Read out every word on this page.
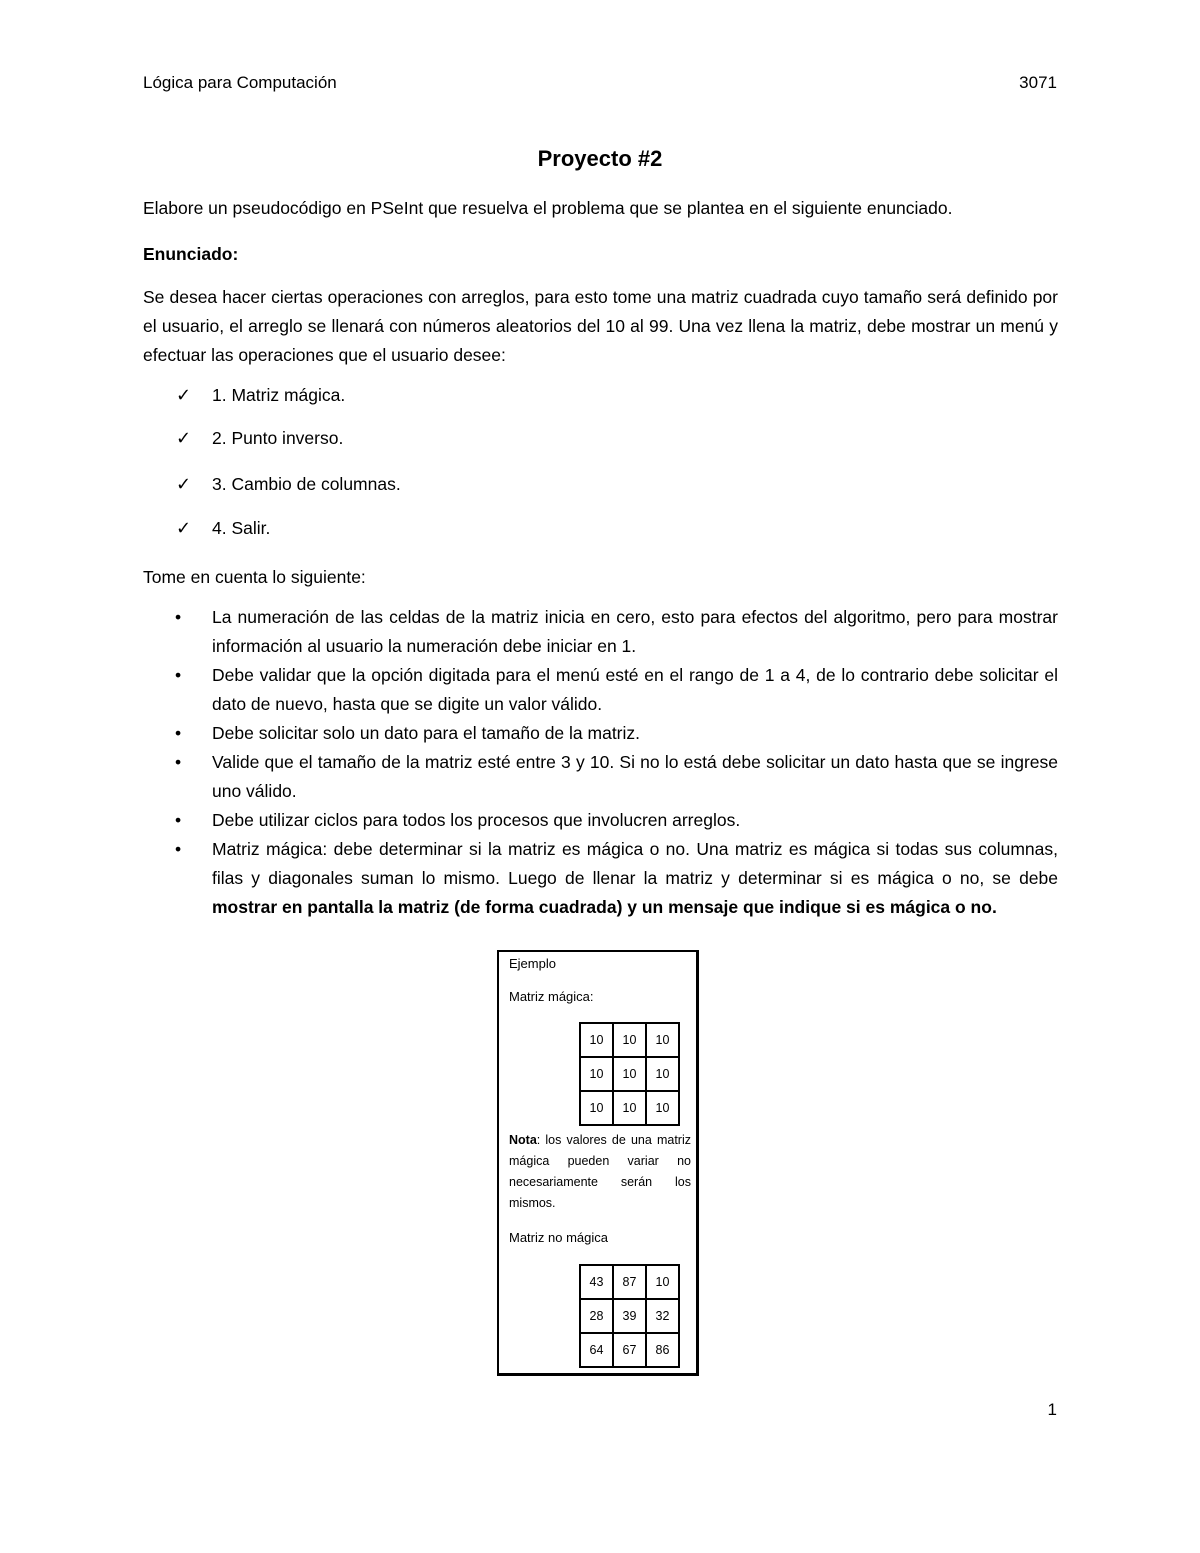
Lógica para Computación	3071
Proyecto #2
Elabore un pseudocódigo en PSeInt que resuelva el problema que se plantea en el siguiente enunciado.
Enunciado:
Se desea hacer ciertas operaciones con arreglos, para esto tome una matriz cuadrada cuyo tamaño será definido por el usuario, el arreglo se llenará con números aleatorios del 10 al 99. Una vez llena la matriz, debe mostrar un menú y efectuar las operaciones que el usuario desee:
✓ 1. Matriz mágica.
✓ 2. Punto inverso.
✓ 3. Cambio de columnas.
✓ 4. Salir.
Tome en cuenta lo siguiente:
• La numeración de las celdas de la matriz inicia en cero, esto para efectos del algoritmo, pero para mostrar información al usuario la numeración debe iniciar en 1.
• Debe validar que la opción digitada para el menú esté en el rango de 1 a 4, de lo contrario debe solicitar el dato de nuevo, hasta que se digite un valor válido.
• Debe solicitar solo un dato para el tamaño de la matriz.
• Valide que el tamaño de la matriz esté entre 3 y 10. Si no lo está debe solicitar un dato hasta que se ingrese uno válido.
• Debe utilizar ciclos para todos los procesos que involucren arreglos.
• Matriz mágica: debe determinar si la matriz es mágica o no. Una matriz es mágica si todas sus columnas, filas y diagonales suman lo mismo. Luego de llenar la matriz y determinar si es mágica o no, se debe mostrar en pantalla la matriz (de forma cuadrada) y un mensaje que indique si es mágica o no.
Ejemplo
Matriz mágica:
10	10	10
10	10	10
10	10	10
Nota: los valores de una matriz mágica pueden variar no necesariamente serán los mismos.
Matriz no mágica
43	87	10
28	39	32
64	67	86
1
